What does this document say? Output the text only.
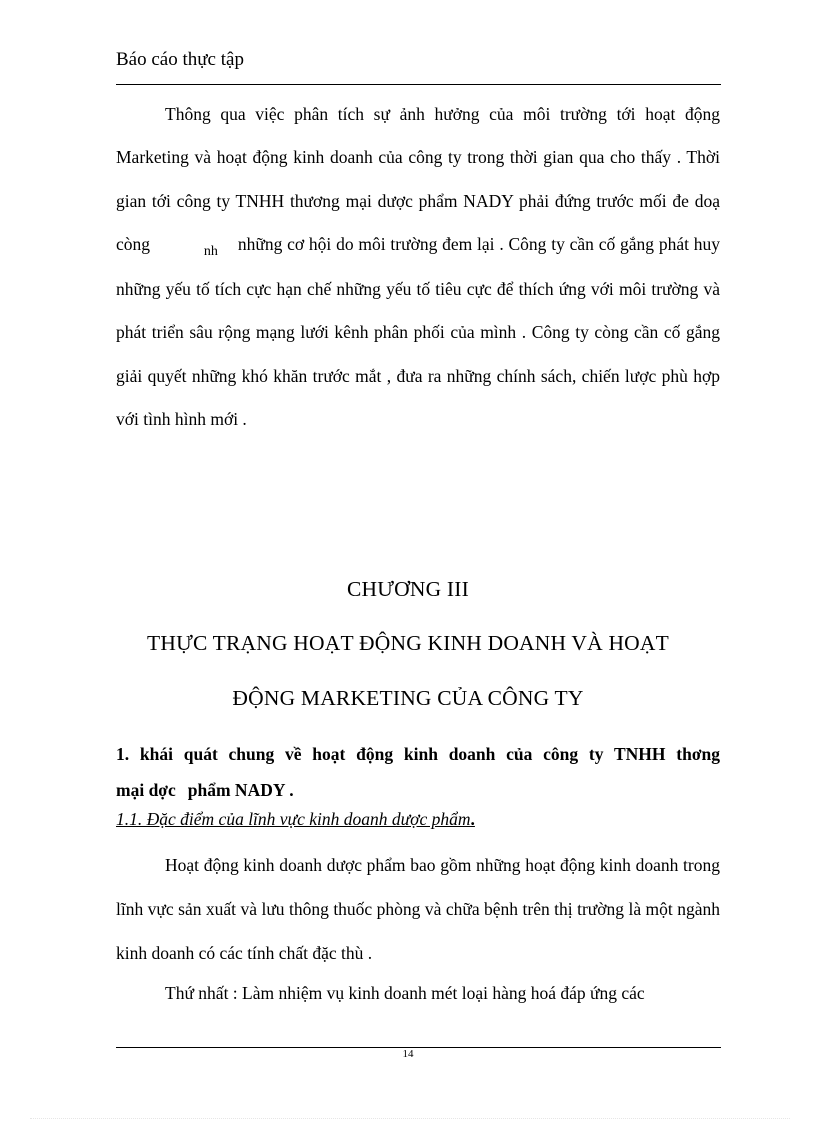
Báo cáo thực tập

Thông qua việc phân tích sự ảnh hưởng của môi trường tới hoạt động Marketing và hoạt động kinh doanh của công ty trong thời gian qua cho thấy . Thời gian tới công ty TNHH thương mại dược phẩm NADY phải đứng trước mối đe doạ còng	nh những cơ hội do môi trường đem lại . Công ty cần cố gắng phát huy những yếu tố tích cực hạn chế những yếu tố tiêu cực để thích ứng với môi trường và phát triển sâu rộng mạng lưới kênh phân phối của mình . Công ty còng cần cố gắng giải quyết những khó khăn trước mắt , đưa ra những chính sách, chiến lược phù hợp với tình hình mới .

CHƯƠNG III
THỰC TRẠNG HOẠT ĐỘNG KINH DOANH VÀ HOẠT
ĐỘNG MARKETING CỦA CÔNG TY
1. khái quát chung về hoạt động kinh doanh của công ty TNHH thơng
mại dợc phẩm NADY .
1.1. Đặc điểm của lĩnh vực kinh doanh dược phẩm.

Hoạt động kinh doanh dược phẩm bao gồm những hoạt động kinh doanh trong lĩnh vực sản xuất và lưu thông thuốc phòng và chữa bệnh trên thị trường là một ngành kinh doanh có các tính chất đặc thù .

Thứ nhất : Làm nhiệm vụ kinh doanh mét loại hàng hoá đáp ứng các

14
